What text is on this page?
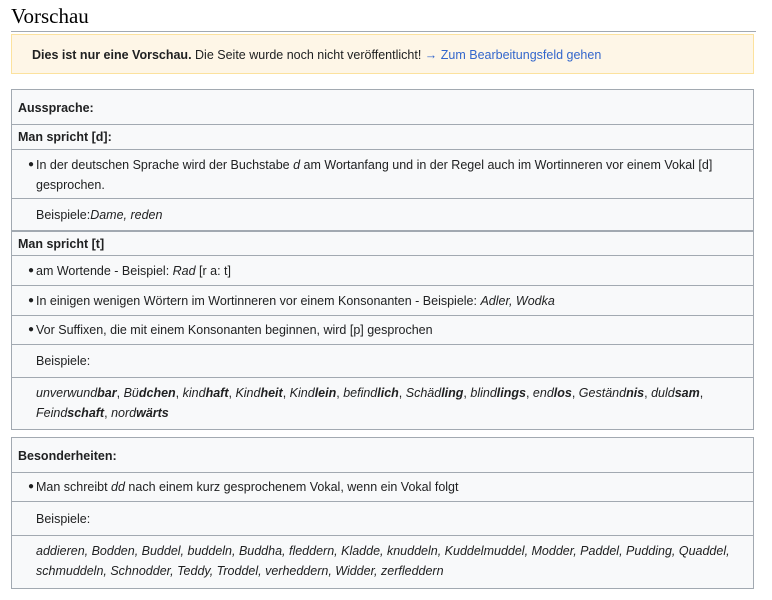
Vorschau
Dies ist nur eine Vorschau. Die Seite wurde noch nicht veröffentlicht! → Zum Bearbeitungsfeld gehen
Aussprache:
Man spricht [d]:
● In der deutschen Sprache wird der Buchstabe d am Wortanfang und in der Regel auch im Wortinneren vor einem Vokal [d] gesprochen.
Beispiele: Dame, reden
Man spricht [t]
● am Wortende - Beispiel: Rad [r a: t]
● In einigen wenigen Wörtern im Wortinneren vor einem Konsonanten - Beispiele: Adler, Wodka
● Vor Suffixen, die mit einem Konsonanten beginnen, wird [p] gesprochen
Beispiele:
unverwundbar, Büdchen, kindhaft, Kindheit, Kindlein, befindlich, Schädling, blindlings, endlos, Geständnis, duldsam, Feindschaft, nordwärts
Besonderheiten:
● Man schreibt dd nach einem kurz gesprochenem Vokal, wenn ein Vokal folgt
Beispiele:
addieren, Bodden, Buddel, buddeln, Buddha, fleddern, Kladde, knuddeln, Kuddelmuddel, Modder, Paddel, Pudding, Quaddel, schmuddeln, Schnodder, Teddy, Troddel, verheddern, Widder, zerfleddern
